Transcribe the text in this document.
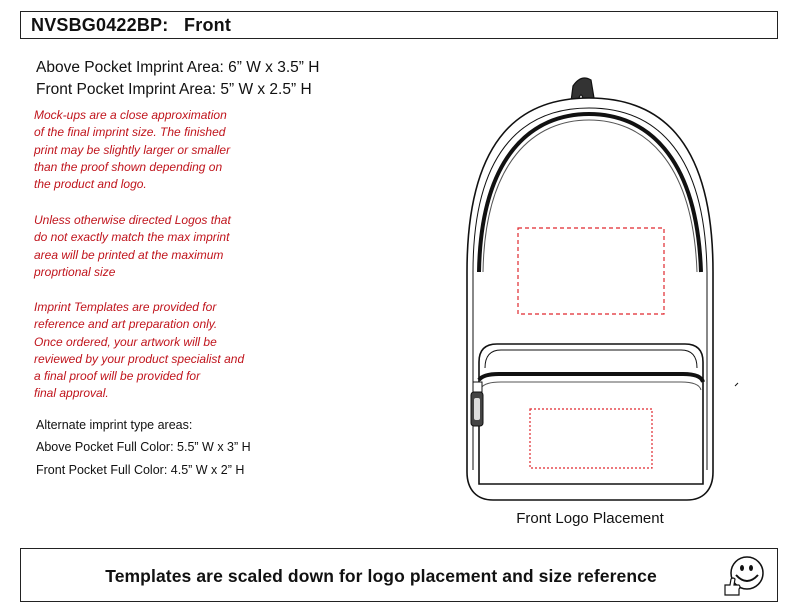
NVSBG0422BP:   Front
Above Pocket Imprint Area: 6” W x 3.5” H
Front Pocket Imprint Area: 5” W x 2.5” H
Mock-ups are a close approximation
of the final imprint size. The finished
print may be slightly larger or smaller
than the proof shown depending on
the product and logo.
Unless otherwise directed Logos that
do not exactly match the max imprint
area will be printed at the maximum
proprtional size
Imprint Templates are provided for
reference and art preparation only.
Once ordered, your artwork will be
reviewed by your product specialist and
a final proof will be provided for
final approval.
Alternate imprint type areas:
Above Pocket Full Color: 5.5” W x 3” H
Front Pocket Full Color: 4.5” W x 2” H
Front Logo Placement
Templates are scaled down for logo placement and size reference
